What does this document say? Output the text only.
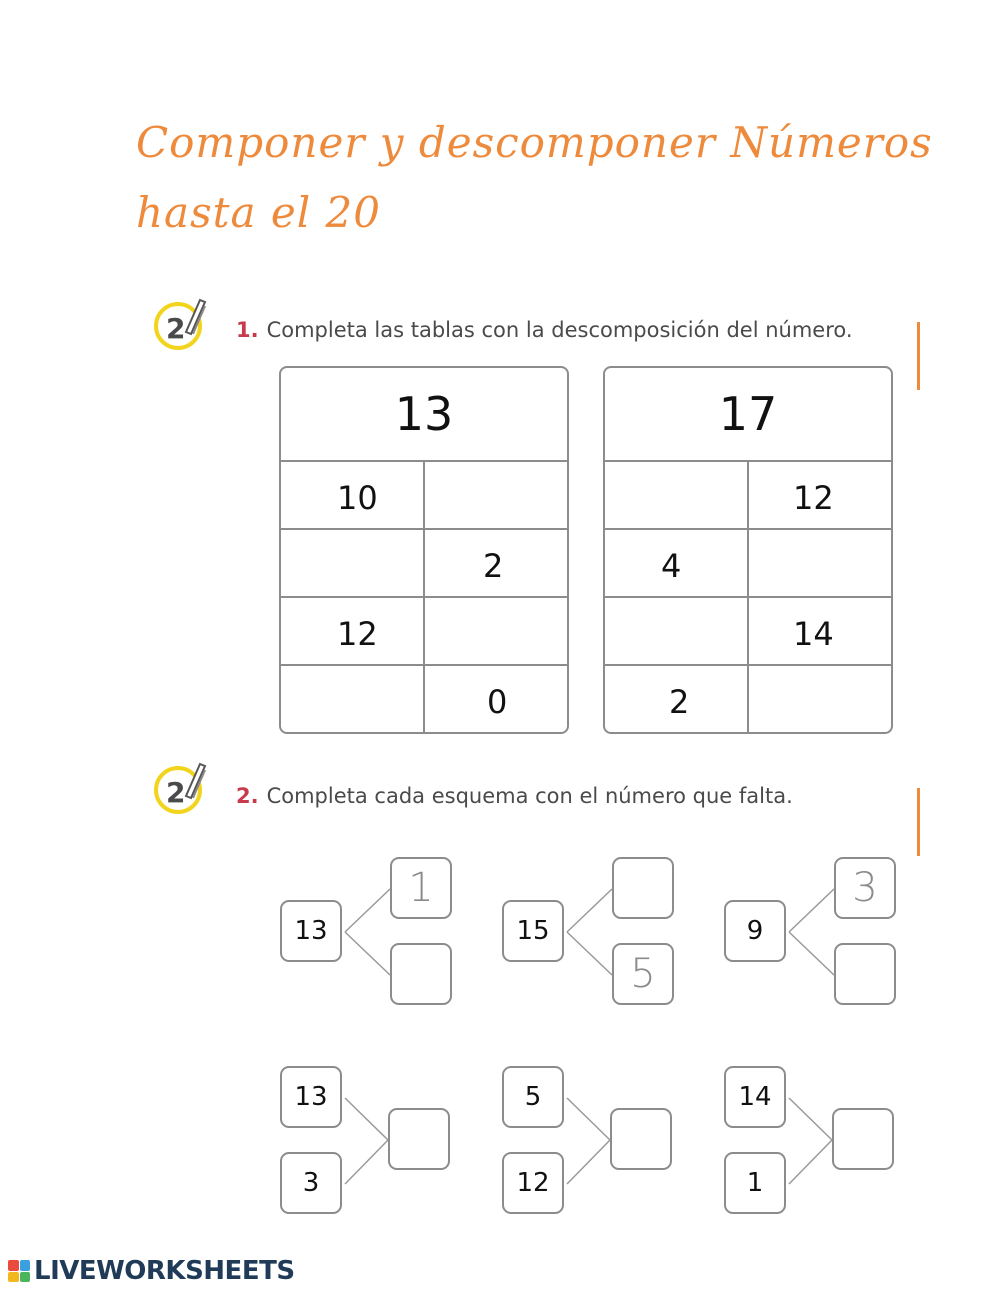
Componer y descomponer Números
hasta el 20
2 1. Completa las tablas con la descomposición del número.
13
10
2
12
0
17
12
4
14
2
2 2. Completa cada esquema con el número que falta.
13
1
15
5
9
3
13
3
5
12
14
1
LIVEWORKSHEETS
